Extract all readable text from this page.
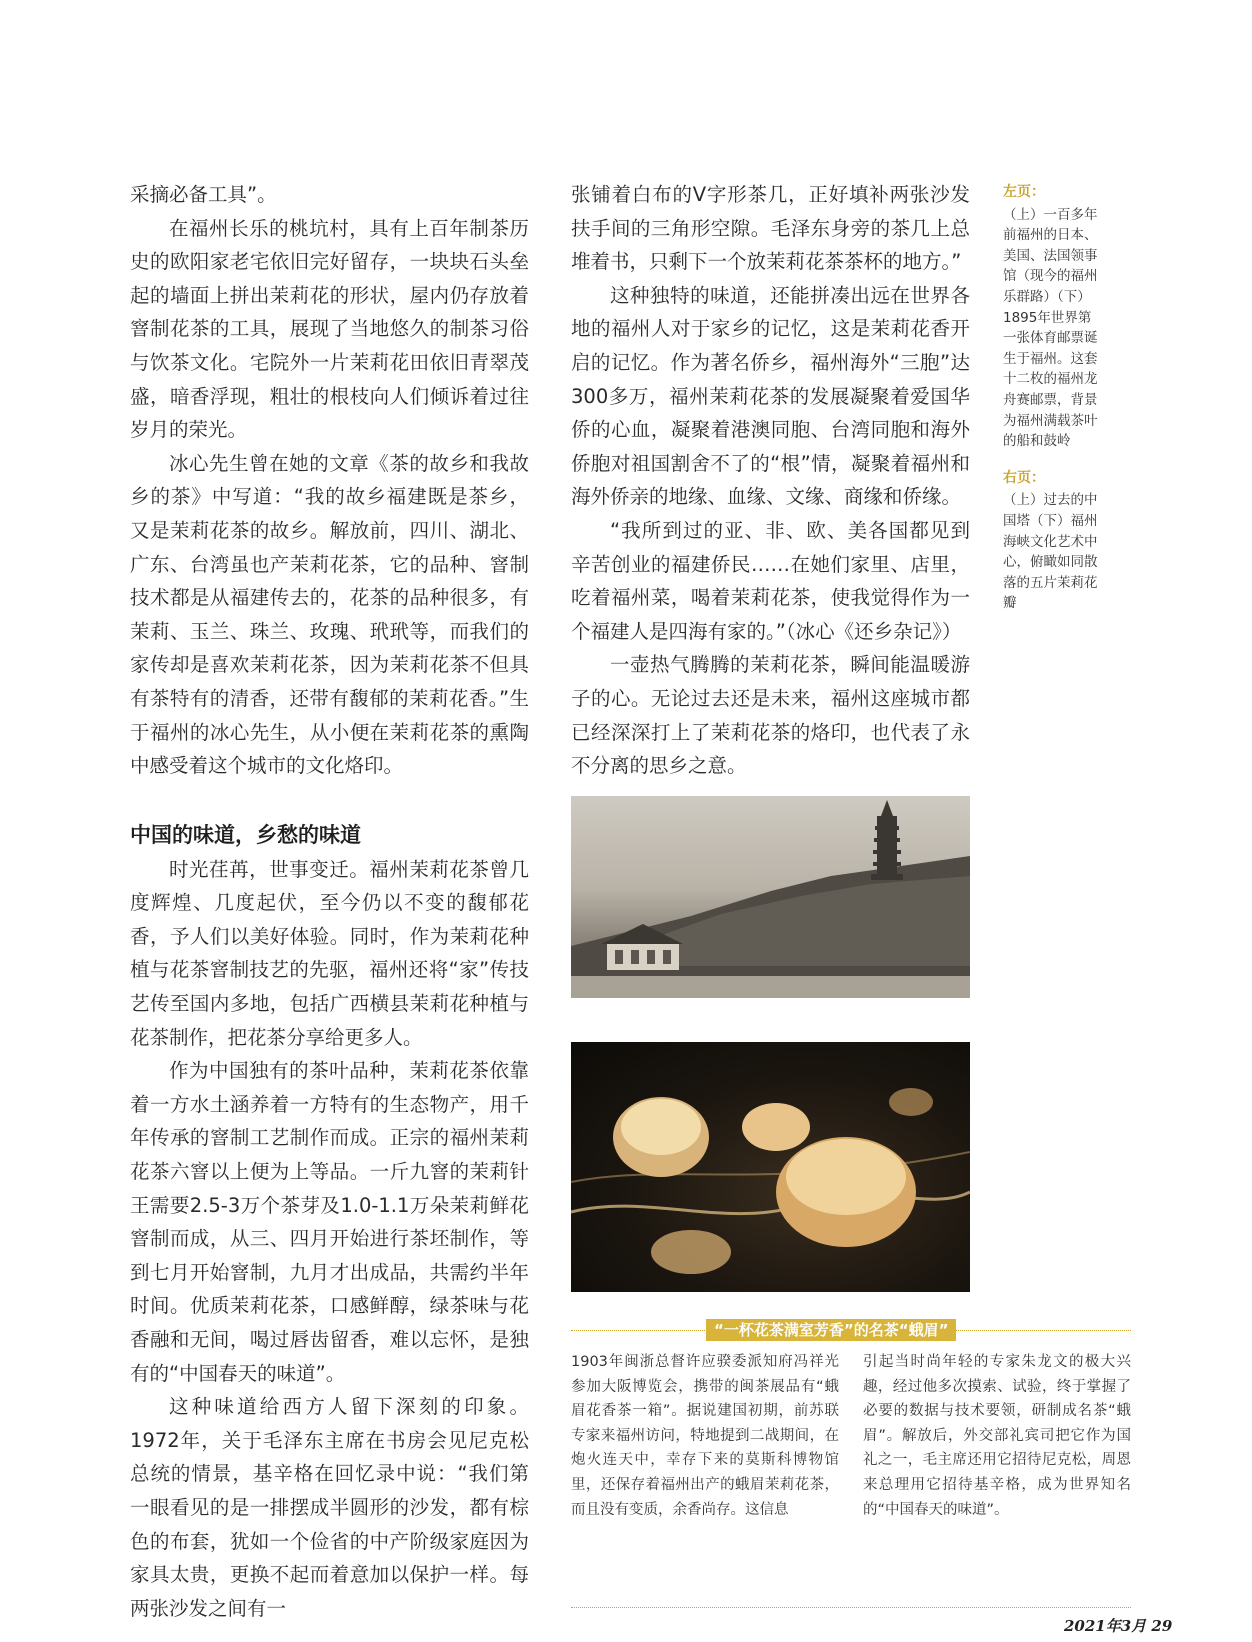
采摘必备工具”。

在福州长乐的桃坑村，具有上百年制茶历史的欧阳家老宅依旧完好留存，一块块石头垒起的墙面上拼出茉莉花的形状，屋内仍存放着窨制花茶的工具，展现了当地悠久的制茶习俗与饮茶文化。宅院外一片茉莉花田依旧青翠茂盛，暗香浮现，粗壮的根枝向人们倾诉着过往岁月的荣光。

冰心先生曾在她的文章《茶的故乡和我故乡的茶》中写道：“我的故乡福建既是茶乡，又是茉莉花茶的故乡。解放前，四川、湖北、广东、台湾虽也产茉莉花茶，它的品种、窨制技术都是从福建传去的，花茶的品种很多，有茉莉、玉兰、珠兰、玫瑰、玳玳等，而我们的家传却是喜欢茉莉花茶，因为茉莉花茶不但具有茶特有的清香，还带有馥郁的茉莉花香。”生于福州的冰心先生，从小便在茉莉花茶的熏陶中感受着这个城市的文化烙印。

中国的味道，乡愁的味道

时光荏苒，世事变迁。福州茉莉花茶曾几度辉煌、几度起伏，至今仍以不变的馥郁花香，予人们以美好体验。同时，作为茉莉花种植与花茶窨制技艺的先驱，福州还将“家”传技艺传至国内多地，包括广西横县茉莉花种植与花茶制作，把花茶分享给更多人。

作为中国独有的茶叶品种，茉莉花茶依靠着一方水土涵养着一方特有的生态物产，用千年传承的窨制工艺制作而成。正宗的福州茉莉花茶六窨以上便为上等品。一斤九窨的茉莉针王需要2.5-3万个茶芽及1.0-1.1万朵茉莉鲜花窨制而成，从三、四月开始进行茶坯制作，等到七月开始窨制，九月才出成品，共需约半年时间。优质茉莉花茶，口感鲜醇，绿茶味与花香融和无间，喝过唇齿留香，难以忘怀，是独有的“中国春天的味道”。

这种味道给西方人留下深刻的印象。1972年，关于毛泽东主席在书房会见尼克松总统的情景，基辛格在回忆录中说：“我们第一眼看见的是一排摆成半圆形的沙发，都有棕色的布套，犹如一个俭省的中产阶级家庭因为家具太贵，更换不起而着意加以保护一样。每两张沙发之间有一

张铺着白布的V字形茶几，正好填补两张沙发扶手间的三角形空隙。毛泽东身旁的茶几上总堆着书，只剩下一个放茉莉花茶茶杯的地方。”

这种独特的味道，还能拼凑出远在世界各地的福州人对于家乡的记忆，这是茉莉花香开启的记忆。作为著名侨乡，福州海外“三胞”达300多万，福州茉莉花茶的发展凝聚着爱国华侨的心血，凝聚着港澳同胞、台湾同胞和海外侨胞对祖国割舍不了的“根”情，凝聚着福州和海外侨亲的地缘、血缘、文缘、商缘和侨缘。

“我所到过的亚、非、欧、美各国都见到辛苦创业的福建侨民……在她们家里、店里，吃着福州菜，喝着茉莉花茶，使我觉得作为一个福建人是四海有家的。”（冰心《还乡杂记》）

一壶热气腾腾的茉莉花茶，瞬间能温暖游子的心。无论过去还是未来，福州这座城市都已经深深打上了茉莉花茶的烙印，也代表了永不分离的思乡之意。

左页：
（上）一百多年前福州的日本、美国、法国领事馆（现今的福州乐群路）（下）1895年世界第一张体育邮票诞生于福州。这套十二枚的福州龙舟赛邮票，背景为福州满载茶叶的船和鼓岭
右页：
（上）过去的中国塔（下）福州海峡文化艺术中心，俯瞰如同散落的五片茉莉花瓣
“一杯花茶满室芳香”的名茶“蛾眉”
1903年闽浙总督许应骙委派知府冯祥光参加大阪博览会，携带的闽茶展品有“蛾眉花香茶一箱”。据说建国初期，前苏联专家来福州访问，特地提到二战期间，在炮火连天中，幸存下来的莫斯科博物馆里，还保存着福州出产的蛾眉茉莉花茶，而且没有变质，余香尚存。这信息
引起当时尚年轻的专家朱龙文的极大兴趣，经过他多次摸索、试验，终于掌握了必要的数据与技术要领，研制成名茶“蛾眉”。解放后，外交部礼宾司把它作为国礼之一，毛主席还用它招待尼克松，周恩来总理用它招待基辛格，成为世界知名的“中国春天的味道”。
2021年3月 29
